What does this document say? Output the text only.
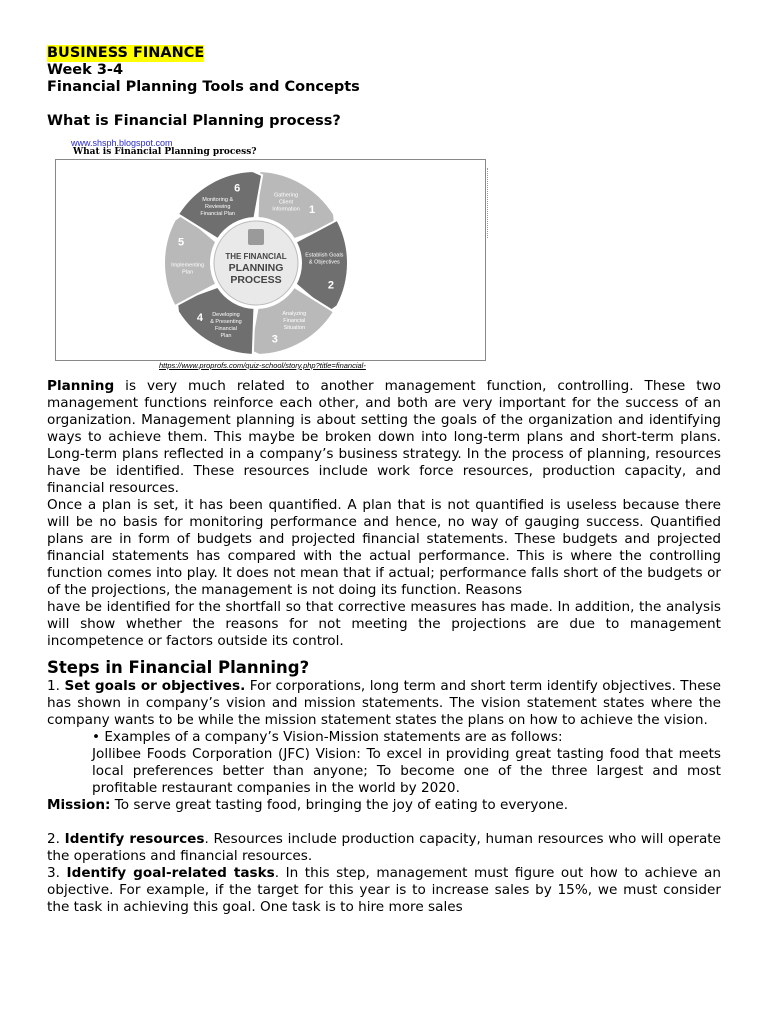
BUSINESS FINANCE
Week 3-4
Financial Planning Tools and Concepts
What is Financial Planning process?
www.shsph.blogspot.com
What is Financial Planning process?
1
Gathering
Client
Information
2
Establish Goals
& Objectives
3
Analyzing
Financial
Situation
4 Developing
& Presenting
Financial
Plan
5
Implementing
Plan
6
Monitoring &
Reviewing
Financial Plan
THE FINANCIAL
PLANNING
PROCESS
https://www.proprofs.com/quiz-school/story.php?title=financial-

Planning is very much related to another management function, controlling. These two management functions reinforce each other, and both are very important for the success of an organization. Management planning is about setting the goals of the organization and identifying ways to achieve them. This maybe be broken down into long-term plans and short-term plans. Long-term plans reflected in a company’s business strategy. In the process of planning, resources have be identified. These resources include work force resources, production capacity, and financial resources.

Once a plan is set, it has been quantified. A plan that is not quantified is useless because there will be no basis for monitoring performance and hence, no way of gauging success. Quantified plans are in form of budgets and projected financial statements. These budgets and projected financial statements has compared with the actual performance. This is where the controlling function comes into play. It does not mean that if actual; performance falls short of the budgets or of the projections, the management is not doing its function. Reasons

have be identified for the shortfall so that corrective measures has made. In addition, the analysis will show whether the reasons for not meeting the projections are due to management incompetence or factors outside its control.

Steps in Financial Planning?

1. Set goals or objectives. For corporations, long term and short term identify objectives. These has shown in company’s vision and mission statements. The vision statement states where the company wants to be while the mission statement states the plans on how to achieve the vision.

• Examples of a company’s Vision-Mission statements are as follows:

Jollibee Foods Corporation (JFC) Vision: To excel in providing great tasting food that meets local preferences better than anyone; To become one of the three largest and most profitable restaurant companies in the world by 2020.

Mission: To serve great tasting food, bringing the joy of eating to everyone.

2. Identify resources. Resources include production capacity, human resources who will operate the operations and financial resources.

3. Identify goal-related tasks. In this step, management must figure out how to achieve an objective. For example, if the target for this year is to increase sales by 15%, we must consider the task in achieving this goal. One task is to hire more sales
